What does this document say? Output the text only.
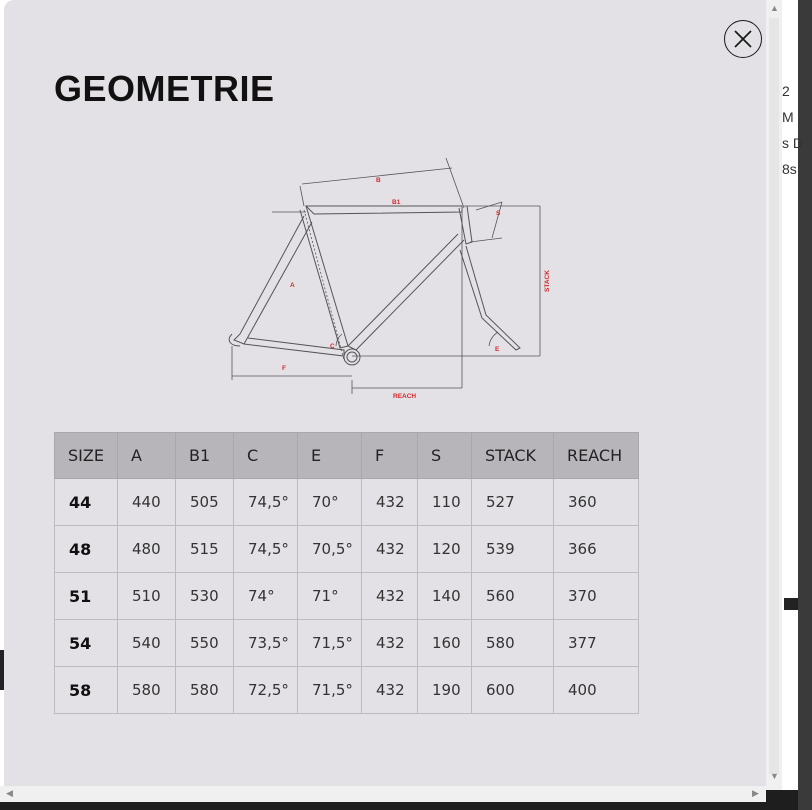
2
M
s D
8s
GEOMETRIE
B
B1
A
C	E
F
S
REACH
STACK
SIZE	A	B1	C	E	F	S	STACK	REACH
44	440	505	74,5°	70°	432	110	527	360
48	480	515	74,5°	70,5°	432	120	539	366
51	510	530	74°	71°	432	140	560	370
54	540	550	73,5°	71,5°	432	160	580	377
58	580	580	72,5°	71,5°	432	190	600	400
▲
▼
◀	▶
